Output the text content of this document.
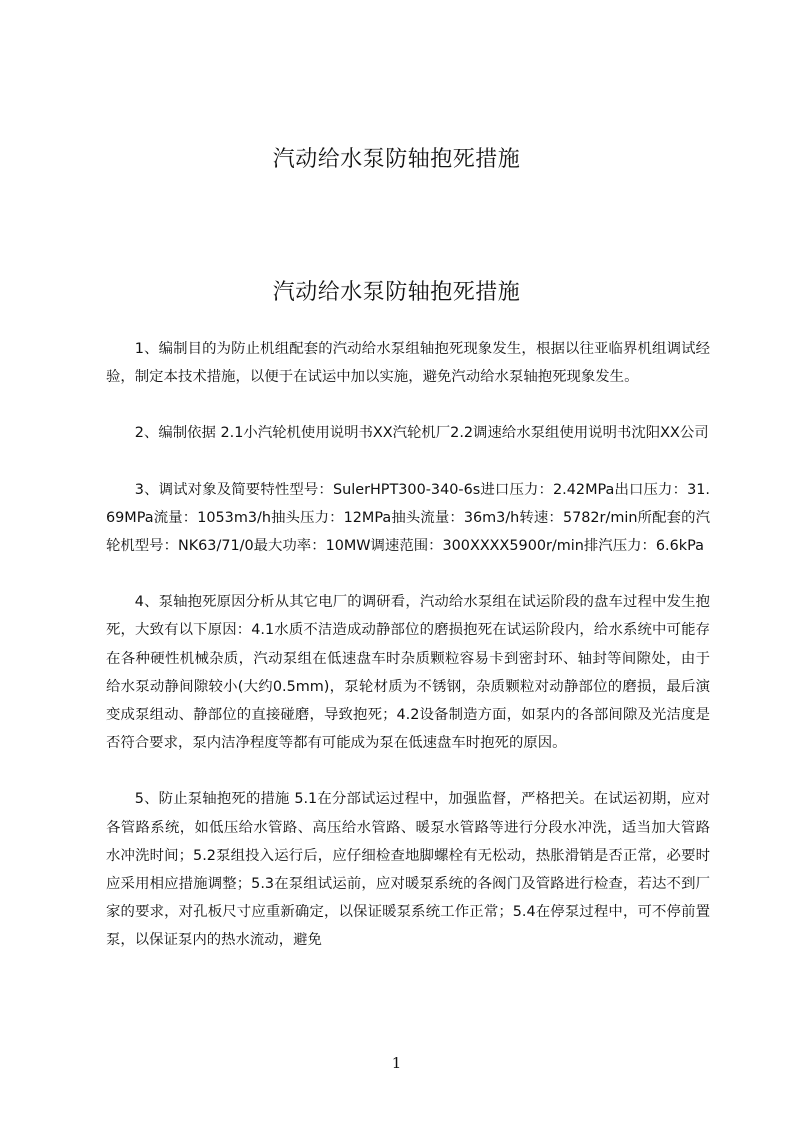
汽动给水泵防轴抱死措施
汽动给水泵防轴抱死措施

1、编制目的为防止机组配套的汽动给水泵组轴抱死现象发生，根据以往亚临界机组调试经验，制定本技术措施，以便于在试运中加以实施，避免汽动给水泵轴抱死现象发生。

2、编制依据 2.1小汽轮机使用说明书XX汽轮机厂2.2调速给水泵组使用说明书沈阳XX公司

3、调试对象及简要特性型号：SulerHPT300-340-6s进口压力：2.42MPa出口压力：31.69MPa流量：1053m3/h抽头压力：12MPa抽头流量：36m3/h转速：5782r/min所配套的汽轮机型号：NK63/71/0最大功率：10MW调速范围：300XXXX5900r/min排汽压力：6.6kPa

4、泵轴抱死原因分析从其它电厂的调研看，汽动给水泵组在试运阶段的盘车过程中发生抱死，大致有以下原因：4.1水质不洁造成动静部位的磨损抱死在试运阶段内，给水系统中可能存在各种硬性机械杂质，汽动泵组在低速盘车时杂质颗粒容易卡到密封环、轴封等间隙处，由于给水泵动静间隙较小(大约0.5mm)，泵轮材质为不锈钢，杂质颗粒对动静部位的磨损，最后演变成泵组动、静部位的直接碰磨，导致抱死；4.2设备制造方面，如泵内的各部间隙及光洁度是否符合要求，泵内洁净程度等都有可能成为泵在低速盘车时抱死的原因。

5、防止泵轴抱死的措施 5.1在分部试运过程中，加强监督，严格把关。在试运初期，应对各管路系统，如低压给水管路、高压给水管路、暖泵水管路等进行分段水冲洗，适当加大管路水冲洗时间；5.2泵组投入运行后，应仔细检查地脚螺栓有无松动，热胀滑销是否正常，必要时应采用相应措施调整；5.3在泵组试运前，应对暖泵系统的各阀门及管路进行检查，若达不到厂家的要求，对孔板尺寸应重新确定，以保证暖泵系统工作正常；5.4在停泵过程中，可不停前置泵，以保证泵内的热水流动，避免

1
